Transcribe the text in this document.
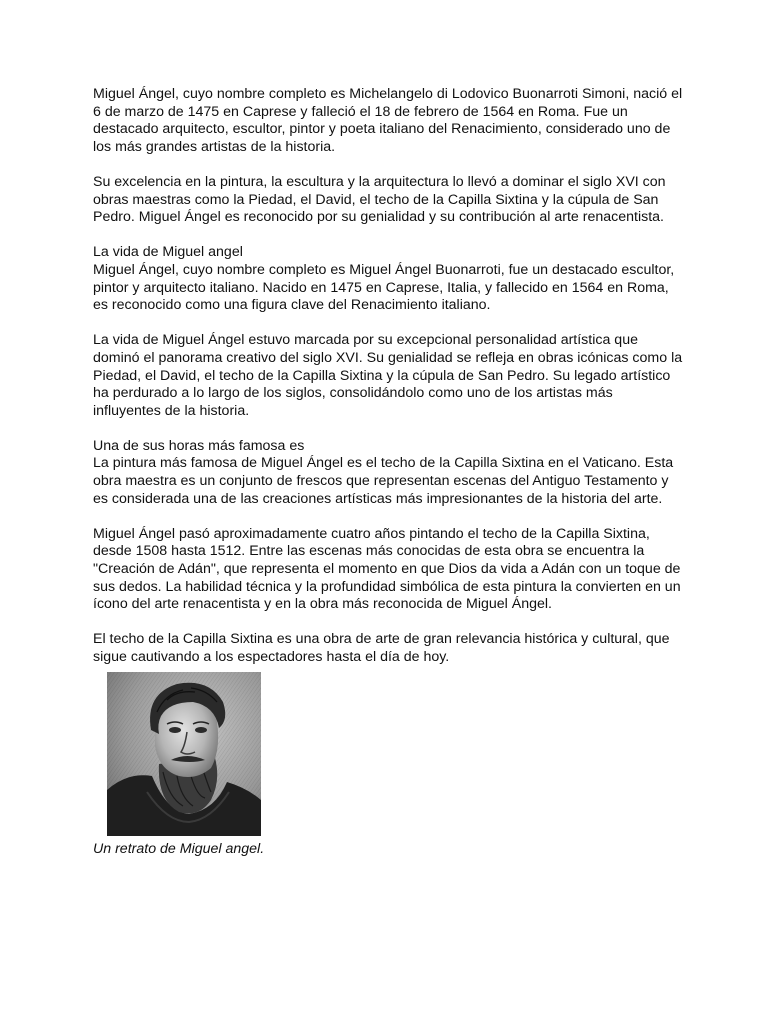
Miguel Ángel, cuyo nombre completo es Michelangelo di Lodovico Buonarroti Simoni, nació el 6 de marzo de 1475 en Caprese y falleció el 18 de febrero de 1564 en Roma. Fue un destacado arquitecto, escultor, pintor y poeta italiano del Renacimiento, considerado uno de los más grandes artistas de la historia.

Su excelencia en la pintura, la escultura y la arquitectura lo llevó a dominar el siglo XVI con obras maestras como la Piedad, el David, el techo de la Capilla Sixtina y la cúpula de San Pedro. Miguel Ángel es reconocido por su genialidad y su contribución al arte renacentista.

La vida de Miguel angel

Miguel Ángel, cuyo nombre completo es Miguel Ángel Buonarroti, fue un destacado escultor, pintor y arquitecto italiano. Nacido en 1475 en Caprese, Italia, y fallecido en 1564 en Roma, es reconocido como una figura clave del Renacimiento italiano.

La vida de Miguel Ángel estuvo marcada por su excepcional personalidad artística que dominó el panorama creativo del siglo XVI. Su genialidad se refleja en obras icónicas como la Piedad, el David, el techo de la Capilla Sixtina y la cúpula de San Pedro. Su legado artístico ha perdurado a lo largo de los siglos, consolidándolo como uno de los artistas más influyentes de la historia.

Una de sus horas más famosa es

La pintura más famosa de Miguel Ángel es el techo de la Capilla Sixtina en el Vaticano. Esta obra maestra es un conjunto de frescos que representan escenas del Antiguo Testamento y es considerada una de las creaciones artísticas más impresionantes de la historia del arte.

Miguel Ángel pasó aproximadamente cuatro años pintando el techo de la Capilla Sixtina, desde 1508 hasta 1512. Entre las escenas más conocidas de esta obra se encuentra la "Creación de Adán", que representa el momento en que Dios da vida a Adán con un toque de sus dedos. La habilidad técnica y la profundidad simbólica de esta pintura la convierten en un ícono del arte renacentista y en la obra más reconocida de Miguel Ángel.

El techo de la Capilla Sixtina es una obra de arte de gran relevancia histórica y cultural, que sigue cautivando a los espectadores hasta el día de hoy.

Un retrato de Miguel angel.
